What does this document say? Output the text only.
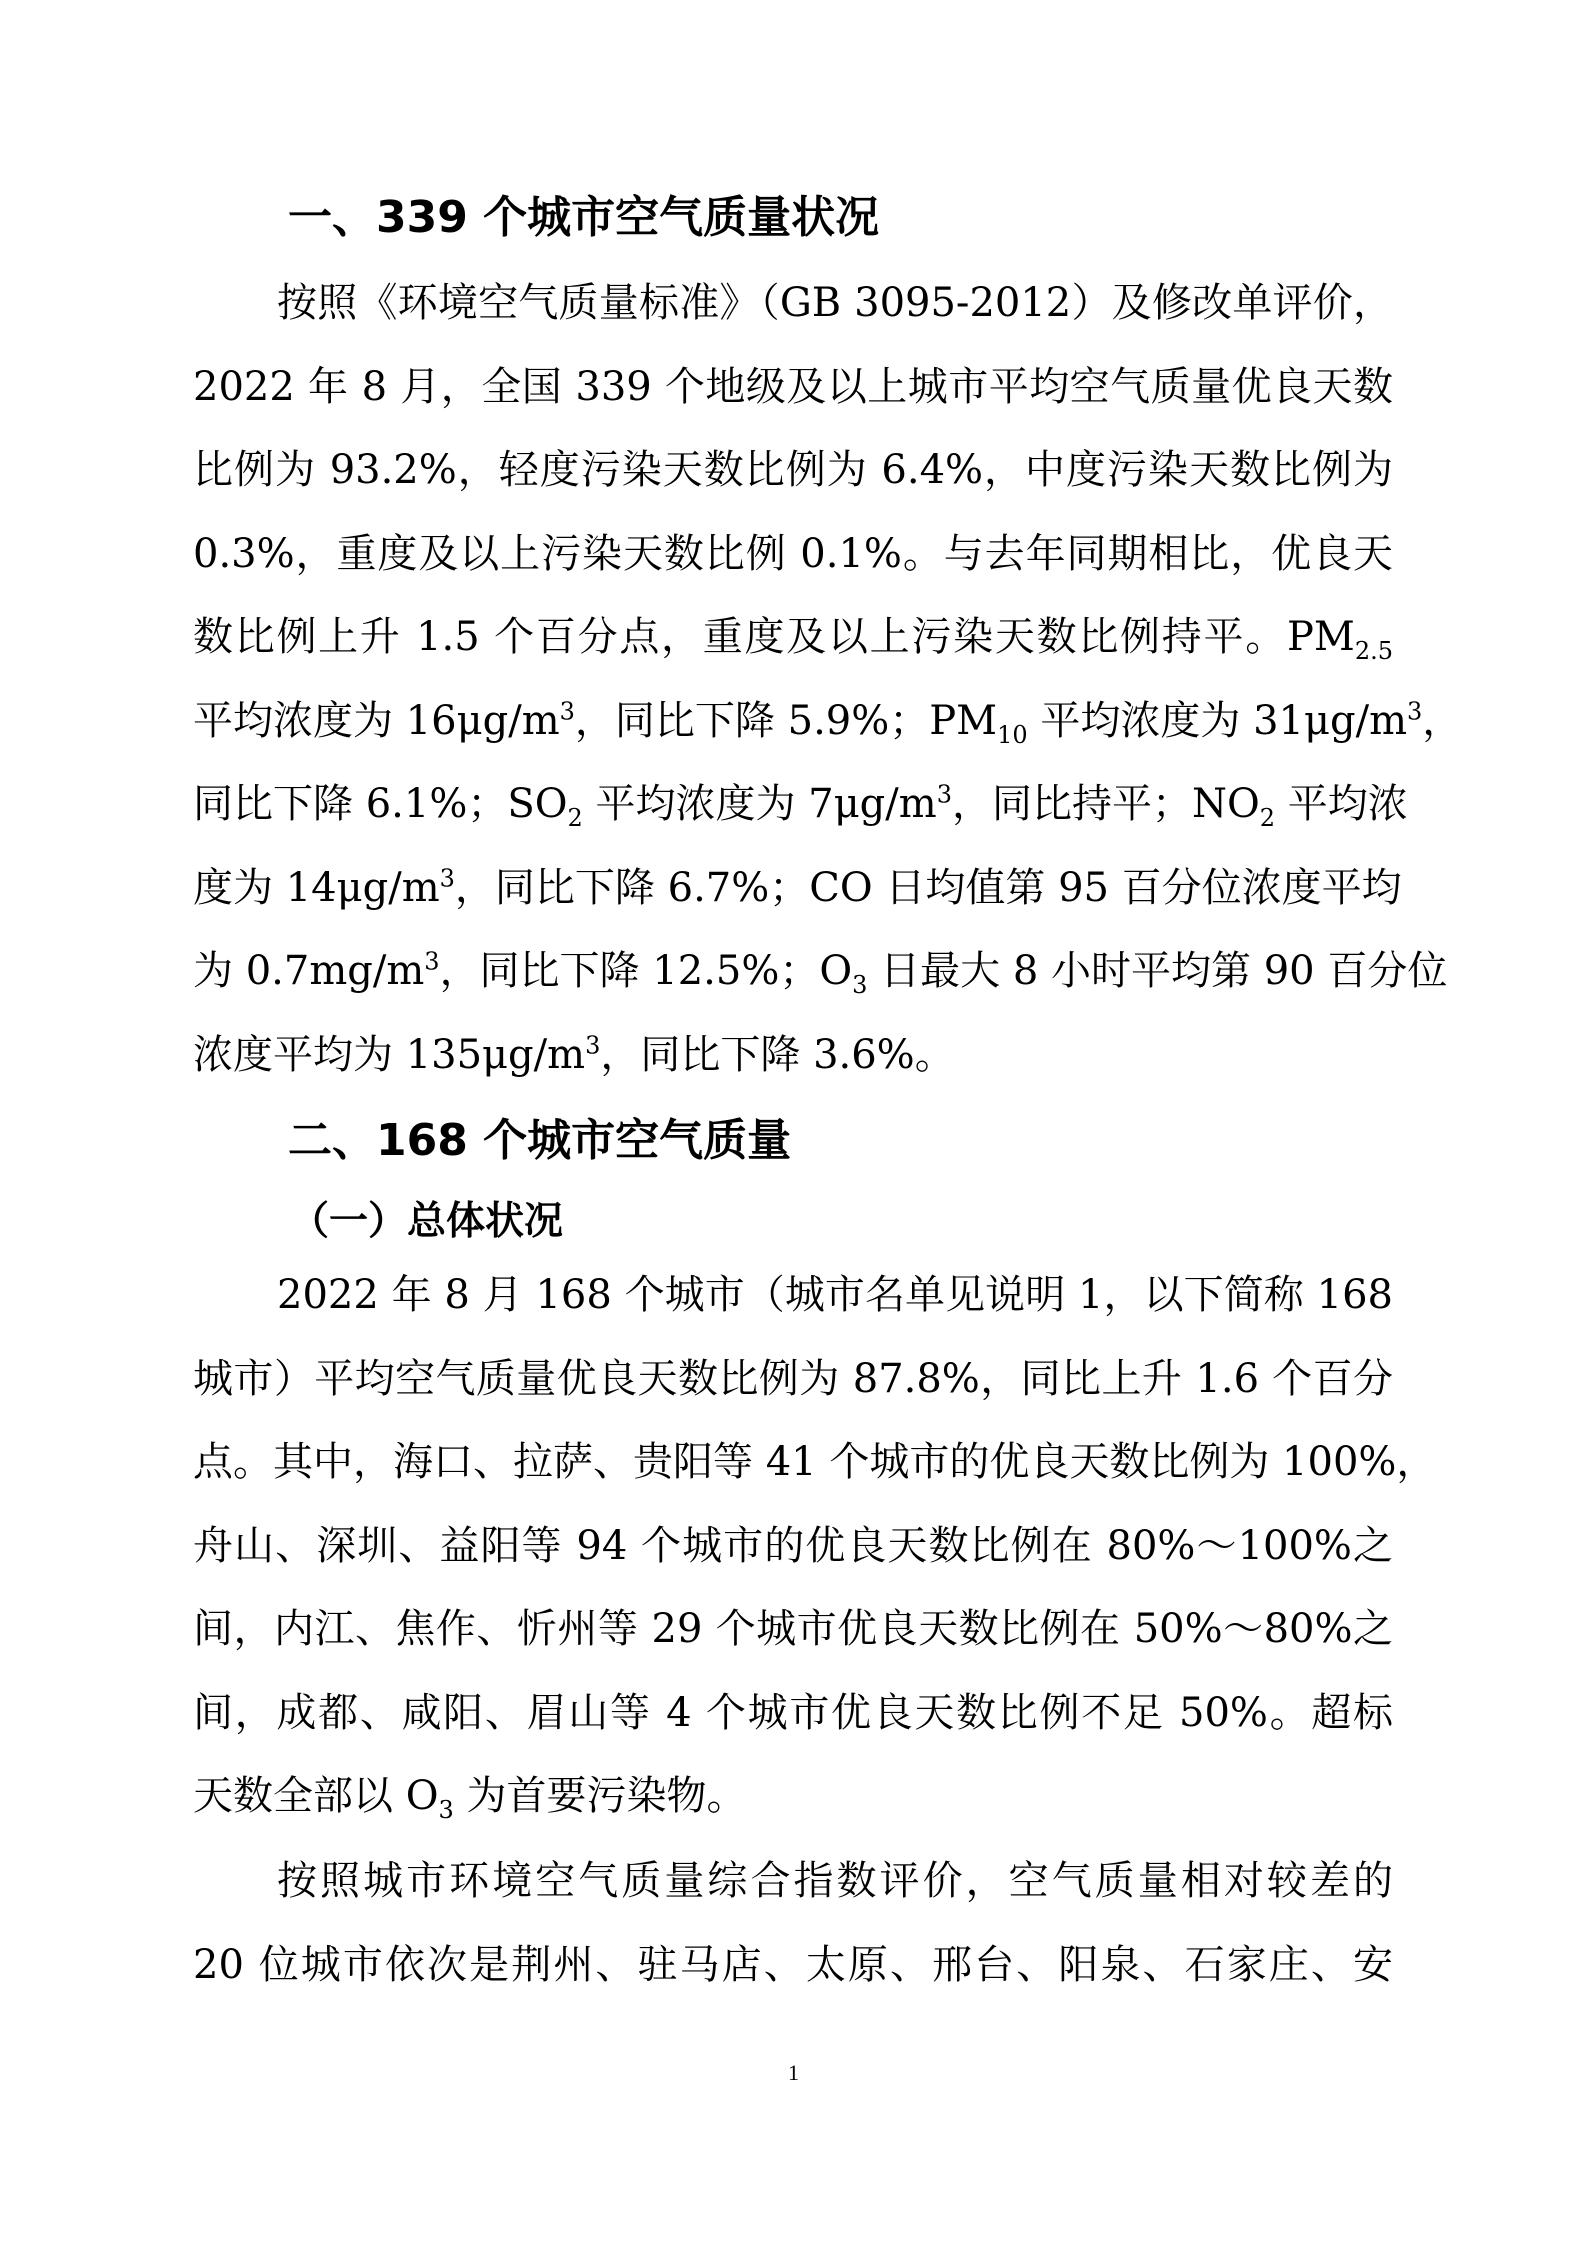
一、339 个城市空气质量状况
按照《环境空气质量标准》（GB 3095-2012）及修改单评价，
2022 年 8 月，全国 339 个地级及以上城市平均空气质量优良天数
比例为 93.2%，轻度污染天数比例为 6.4%，中度污染天数比例为
0.3%，重度及以上污染天数比例 0.1%。与去年同期相比，优良天
数比例上升 1.5 个百分点，重度及以上污染天数比例持平。$PM_{2.5}$
平均浓度为 $16\mu g/m^3$，同比下降 5.9%；$PM_{10}$ 平均浓度为 $31\mu g/m^3$，
同比下降 6.1%；$SO_2$ 平均浓度为 $7\mu g/m^3$，同比持平；$NO_2$ 平均浓
度为 $14\mu g/m^3$，同比下降 6.7%；CO 日均值第 95 百分位浓度平均
为 $0.7mg/m^3$，同比下降 12.5%；$O_3$ 日最大 8 小时平均第 90 百分位
浓度平均为 $135\mu g/m^3$，同比下降 3.6%。
二、168 个城市空气质量
（一）总体状况
2022 年 8 月 168 个城市（城市名单见说明 1，以下简称 168
城市）平均空气质量优良天数比例为 87.8%，同比上升 1.6 个百分
点。其中，海口、拉萨、贵阳等 41 个城市的优良天数比例为 100%，
舟山、深圳、益阳等 94 个城市的优良天数比例在 80%～100%之
间，内江、焦作、忻州等 29 个城市优良天数比例在 50%～80%之
间，成都、咸阳、眉山等 4 个城市优良天数比例不足 50%。超标
天数全部以 $O_3$ 为首要污染物。
按照城市环境空气质量综合指数评价，空气质量相对较差的
20 位城市依次是荆州、驻马店、太原、邢台、阳泉、石家庄、安
1
